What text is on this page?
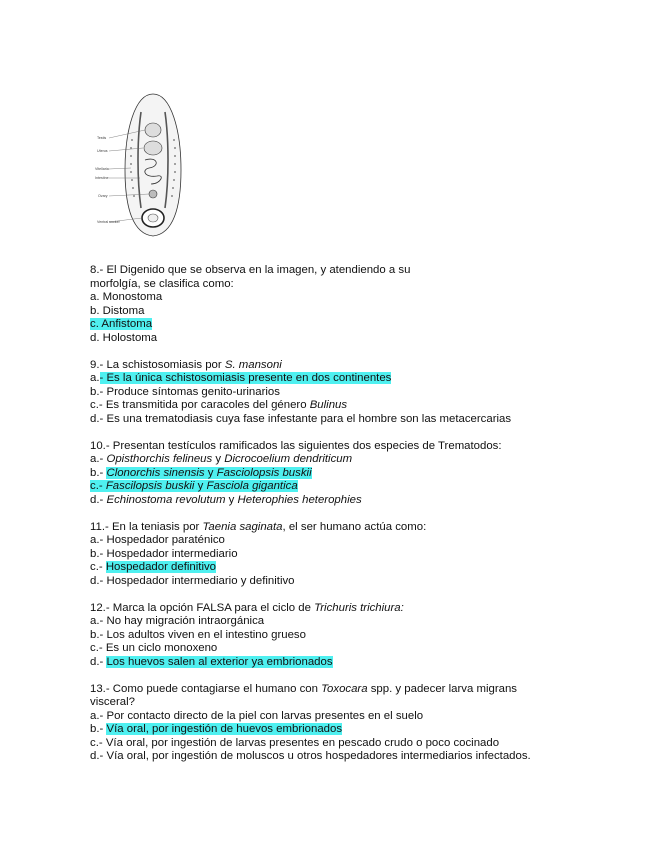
Testis
Uterus
Vitellaria
Intestine
Ovary
Ventral sucker
8.- El Digenido que se observa en la imagen, y atendiendo a su
morfolgía, se clasifica como:
a. Monostoma
b. Distoma
c. Anfistoma
d. Holostoma
9.- La schistosomiasis por S. mansoni
a.- Es la única schistosomiasis presente en dos continentes
b.- Produce síntomas genito-urinarios
c.- Es transmitida por caracoles del género Bulinus
d.- Es una trematodiasis cuya fase infestante para el hombre son las metacercarias
10.- Presentan testículos ramificados las siguientes dos especies de Trematodos:
a.- Opisthorchis felineus y Dicrocoelium dendriticum
b.- Clonorchis sinensis y Fasciolopsis buskii
c.- Fascilopsis buskii y Fasciola gigantica
d.- Echinostoma revolutum y Heterophies heterophies
11.- En la teniasis por Taenia saginata, el ser humano actúa como:
a.- Hospedador paraténico
b.- Hospedador intermediario
c.- Hospedador definitivo
d.- Hospedador intermediario y definitivo
12.- Marca la opción FALSA para el ciclo de Trichuris trichiura:
a.- No hay migración intraorgánica
b.- Los adultos viven en el intestino grueso
c.- Es un ciclo monoxeno
d.- Los huevos salen al exterior ya embrionados
13.- Como puede contagiarse el humano con Toxocara spp. y padecer larva migrans
visceral?
a.- Por contacto directo de la piel con larvas presentes en el suelo
b.- Vía oral, por ingestión de huevos embrionados
c.- Vía oral, por ingestión de larvas presentes en pescado crudo o poco cocinado
d.- Vía oral, por ingestión de moluscos u otros hospedadores intermediarios infectados.
